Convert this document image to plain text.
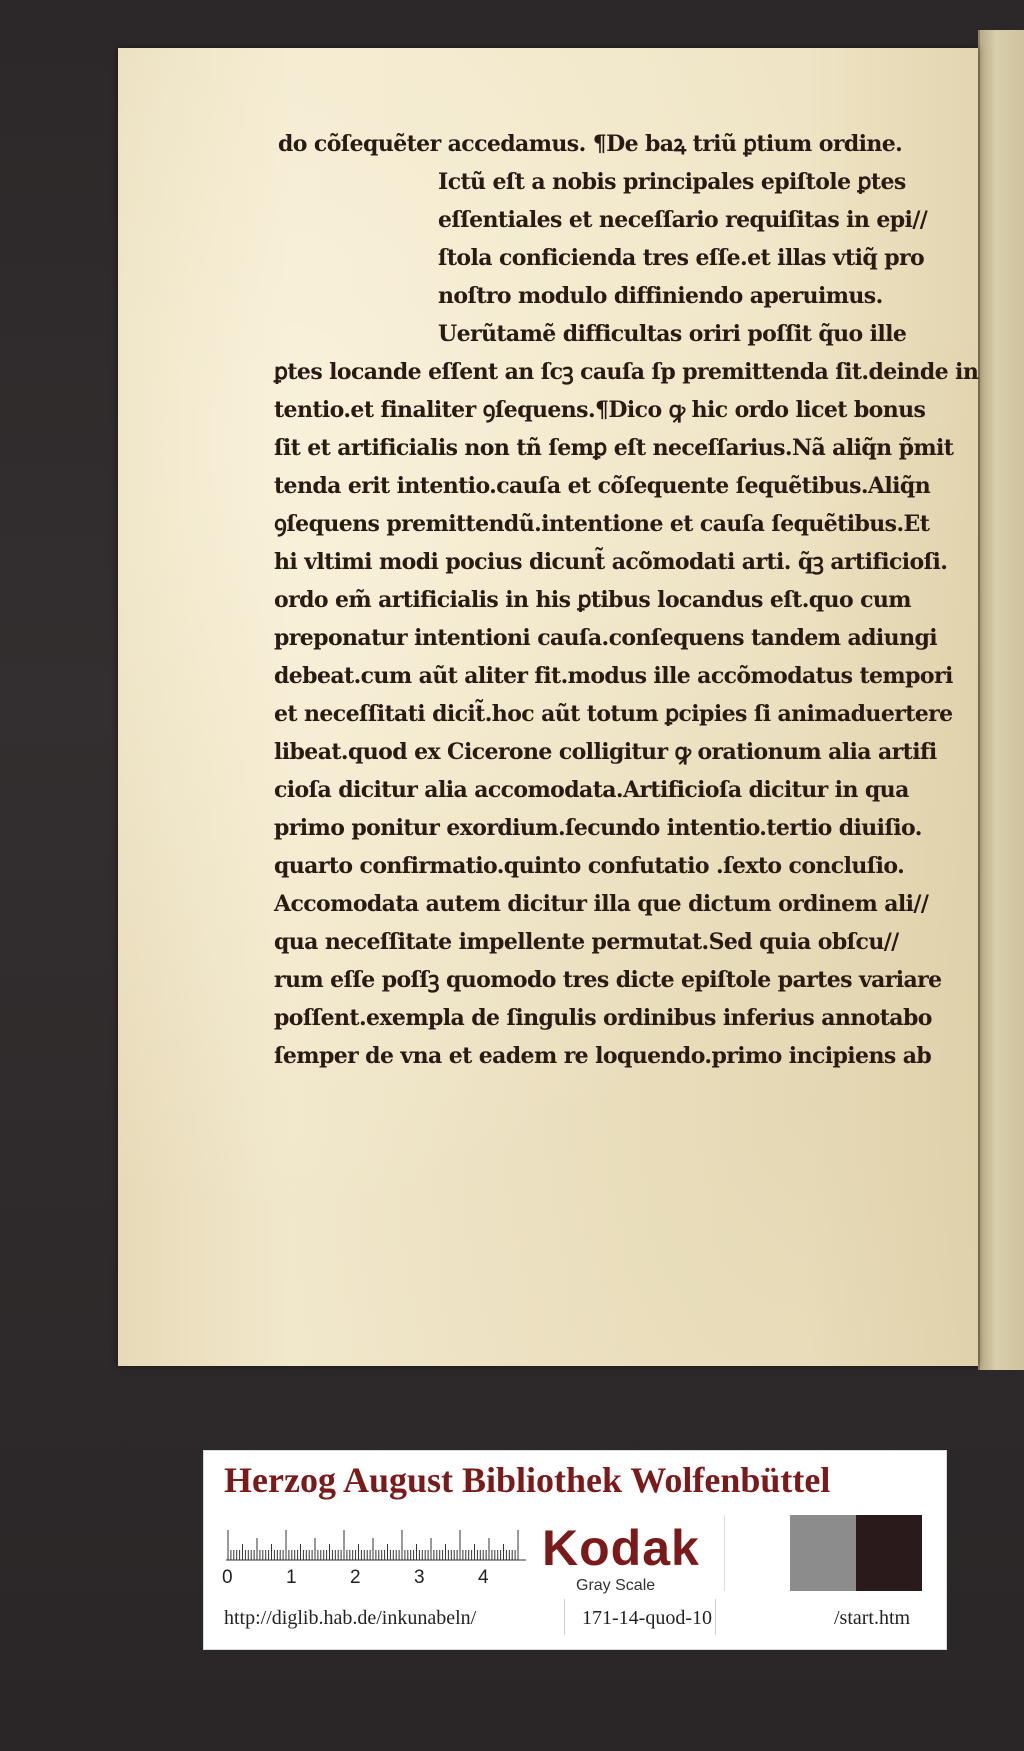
do cõſequẽter accedamus. ¶De baꝝ triũ ꝑtium ordine.
Ictũ eſt a nobis principales epiſtole ꝑtes
eſſentiales et neceſſario requiſitas in epi//
ſtola conficienda tres eſſe.et illas vtiq̃ pro
noſtro modulo diffiniendo aperuimus.
Uerũtamẽ difficultas oriri poſſit q̃uo ille
ꝑtes locande eſſent an ſcꝫ cauſa ſp premittenda ſit.deinde in
tentio.et finaliter ꝯſequens.¶Dico ꝙ hic ordo licet bonus
ſit et artificialis non tñ ſemꝑ eſt neceſſarius.Nã aliq̃n p̃mit
tenda erit intentio.cauſa et cõſequente ſequẽtibus.Aliq̃n
ꝯſequens premittendũ.intentione et cauſa ſequẽtibus.Et
hi vltimi modi pocius dicunt̃ acõmodati arti. q̃ꝫ artificioſi.
ordo em̃ artificialis in his ꝑtibus locandus eſt.quo cum
preponatur intentioni cauſa.conſequens tandem adiungi
debeat.cum aũt aliter fit.modus ille accõmodatus tempori
et neceſſitati dicit̃.hoc aũt totum ꝑcipies ſi animaduertere
libeat.quod ex Cicerone colligitur ꝙ orationum alia artifi
cioſa dicitur alia accomodata.Artificioſa dicitur in qua
primo ponitur exordium.ſecundo intentio.tertio diuiſio.
quarto confirmatio.quinto confutatio .ſexto concluſio.
Accomodata autem dicitur illa que dictum ordinem ali//
qua neceſſitate impellente permutat.Sed quia obſcu//
rum eſſe poſſꝫ quomodo tres dicte epiſtole partes variare
poſſent.exempla de ſingulis ordinibus inferius annotabo
ſemper de vna et eadem re loquendo.primo incipiens ab
Herzog August Bibliothek Wolfenbüttel
0	1	2	3	4
Kodak
Gray Scale
http://diglib.hab.de/inkunabeln/	171-14-quod-10	/start.htm
